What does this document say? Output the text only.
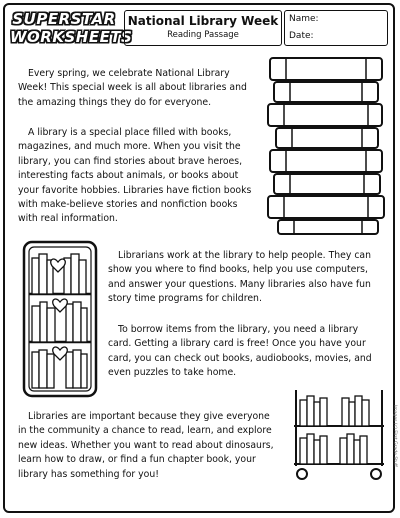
SUPERSTAR
WORKSHEETS
National Library Week
Reading Passage
Name:
Date:

Every spring, we celebrate National Library Week! This special week is all about libraries and the amazing things they do for everyone.

A library is a special place filled with books, magazines, and much more. When you visit the library, you can find stories about brave heroes, interesting facts about animals, or books about your favorite hobbies. Libraries have fiction books with make-believe stories and nonfiction books with real information.

Librarians work at the library to help people. They can show you where to find books, help you use computers, and answer your questions. Many libraries also have fun story time programs for children.

To borrow items from the library, you need a library card. Getting a library card is free! Once you have your card, you can check out books, audiobooks, movies, and even puzzles to take home.

Libraries are important because they give everyone in the community a chance to read, learn, and explore new ideas. Whether you want to read about dinosaurs, learn how to draw, or find a fun chapter book, your library has something for you!

Images (c) First Grade Stuff
